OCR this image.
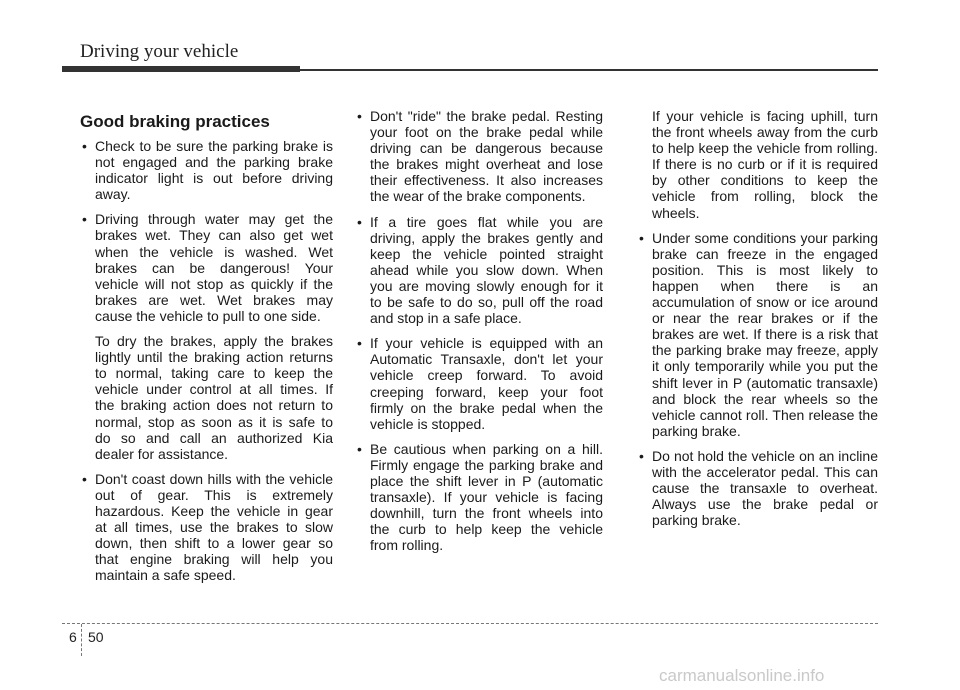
Driving your vehicle
Good braking practices
• Check to be sure the parking brake is not engaged and the parking brake indicator light is out before driving away.
• Driving through water may get the brakes wet. They can also get wet when the vehicle is washed. Wet brakes can be dangerous! Your vehicle will not stop as quickly if the brakes are wet. Wet brakes may cause the vehicle to pull to one side.
To dry the brakes, apply the brakes lightly until the braking action returns to normal, taking care to keep the vehicle under control at all times. If the braking action does not return to normal, stop as soon as it is safe to do so and call an authorized Kia dealer for assistance.
• Don't coast down hills with the vehicle out of gear. This is extremely hazardous. Keep the vehicle in gear at all times, use the brakes to slow down, then shift to a lower gear so that engine braking will help you maintain a safe speed.
• Don't "ride" the brake pedal. Resting your foot on the brake pedal while driving can be dangerous because the brakes might overheat and lose their effectiveness. It also increases the wear of the brake components.
• If a tire goes flat while you are driving, apply the brakes gently and keep the vehicle pointed straight ahead while you slow down. When you are moving slowly enough for it to be safe to do so, pull off the road and stop in a safe place.
• If your vehicle is equipped with an Automatic Transaxle, don't let your vehicle creep forward. To avoid creeping forward, keep your foot firmly on the brake pedal when the vehicle is stopped.
• Be cautious when parking on a hill. Firmly engage the parking brake and place the shift lever in P (automatic transaxle). If your vehicle is facing downhill, turn the front wheels into the curb to help keep the vehicle from rolling.

If your vehicle is facing uphill, turn the front wheels away from the curb to help keep the vehicle from rolling. If there is no curb or if it is required by other conditions to keep the vehicle from rolling, block the wheels.

• Under some conditions your parking brake can freeze in the engaged position. This is most likely to happen when there is an accumulation of snow or ice around or near the rear brakes or if the brakes are wet. If there is a risk that the parking brake may freeze, apply it only temporarily while you put the shift lever in P (automatic transaxle) and block the rear wheels so the vehicle cannot roll. Then release the parking brake.
• Do not hold the vehicle on an incline with the accelerator pedal. This can cause the transaxle to overheat. Always use the brake pedal or parking brake.
6 50
carmanualsonline.info
